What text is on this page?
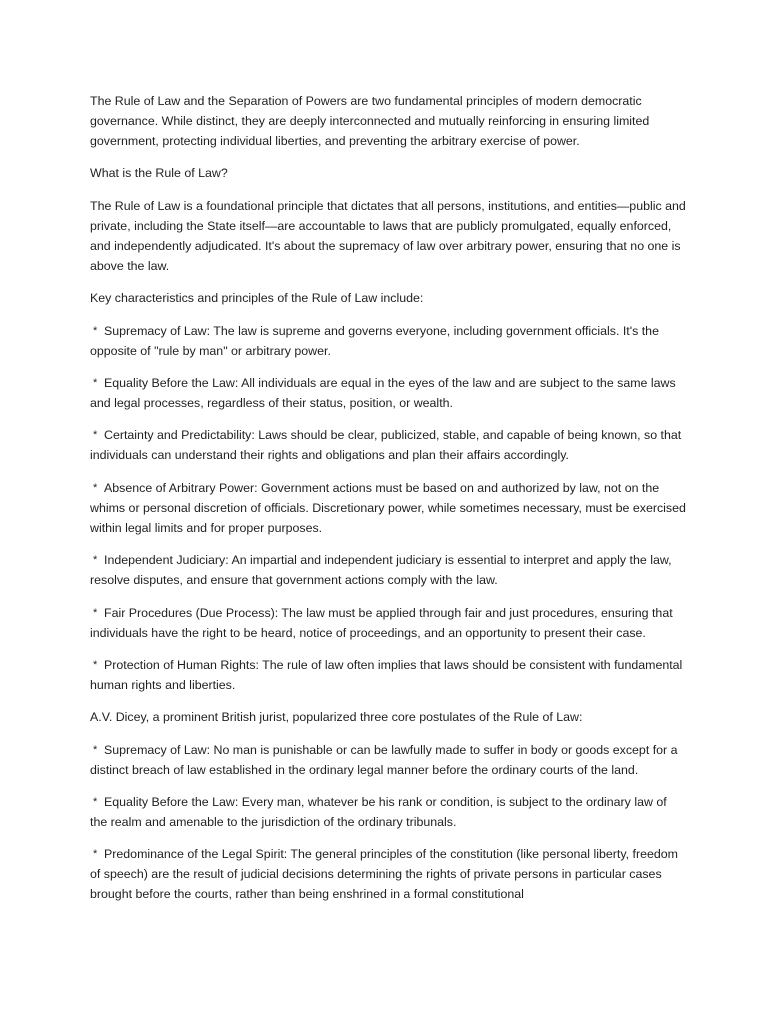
The Rule of Law and the Separation of Powers are two fundamental principles of modern democratic governance. While distinct, they are deeply interconnected and mutually reinforcing in ensuring limited government, protecting individual liberties, and preventing the arbitrary exercise of power.

What is the Rule of Law?

The Rule of Law is a foundational principle that dictates that all persons, institutions, and entities—public and private, including the State itself—are accountable to laws that are publicly promulgated, equally enforced, and independently adjudicated. It's about the supremacy of law over arbitrary power, ensuring that no one is above the law.

Key characteristics and principles of the Rule of Law include:

* Supremacy of Law: The law is supreme and governs everyone, including government officials. It's the opposite of "rule by man" or arbitrary power.

* Equality Before the Law: All individuals are equal in the eyes of the law and are subject to the same laws and legal processes, regardless of their status, position, or wealth.

* Certainty and Predictability: Laws should be clear, publicized, stable, and capable of being known, so that individuals can understand their rights and obligations and plan their affairs accordingly.

* Absence of Arbitrary Power: Government actions must be based on and authorized by law, not on the whims or personal discretion of officials. Discretionary power, while sometimes necessary, must be exercised within legal limits and for proper purposes.

* Independent Judiciary: An impartial and independent judiciary is essential to interpret and apply the law, resolve disputes, and ensure that government actions comply with the law.

* Fair Procedures (Due Process): The law must be applied through fair and just procedures, ensuring that individuals have the right to be heard, notice of proceedings, and an opportunity to present their case.

* Protection of Human Rights: The rule of law often implies that laws should be consistent with fundamental human rights and liberties.

A.V. Dicey, a prominent British jurist, popularized three core postulates of the Rule of Law:

* Supremacy of Law: No man is punishable or can be lawfully made to suffer in body or goods except for a distinct breach of law established in the ordinary legal manner before the ordinary courts of the land.

* Equality Before the Law: Every man, whatever be his rank or condition, is subject to the ordinary law of the realm and amenable to the jurisdiction of the ordinary tribunals.

* Predominance of the Legal Spirit: The general principles of the constitution (like personal liberty, freedom of speech) are the result of judicial decisions determining the rights of private persons in particular cases brought before the courts, rather than being enshrined in a formal constitutional
